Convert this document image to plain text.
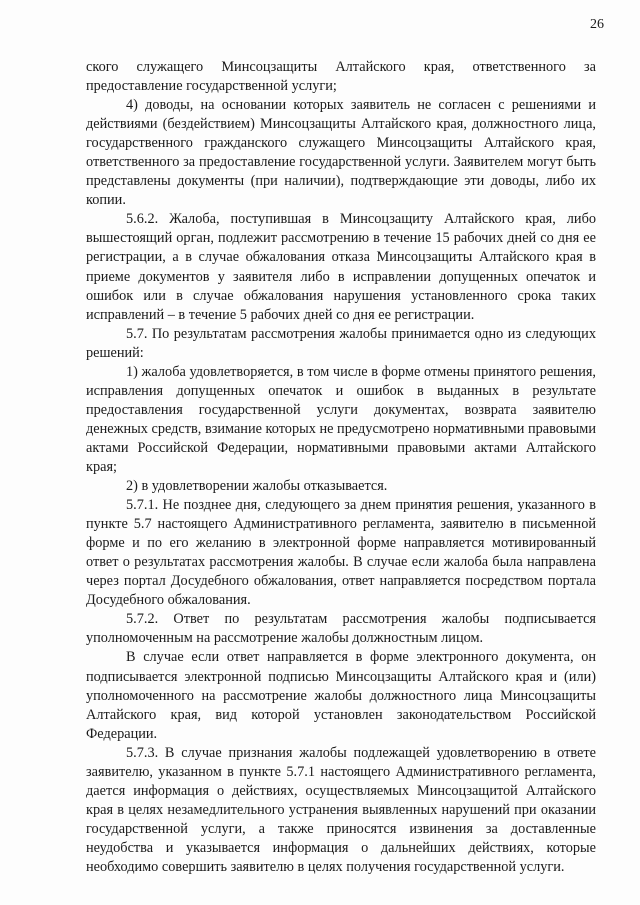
26

ского служащего Минсоцзащиты Алтайского края, ответственного за предоставление государственной услуги;

4) доводы, на основании которых заявитель не согласен с решениями и действиями (бездействием) Минсоцзащиты Алтайского края, должностного лица, государственного гражданского служащего Минсоцзащиты Алтайского края, ответственного за предоставление государственной услуги. Заявителем могут быть представлены документы (при наличии), подтверждающие эти доводы, либо их копии.

5.6.2. Жалоба, поступившая в Минсоцзащиту Алтайского края, либо вышестоящий орган, подлежит рассмотрению в течение 15 рабочих дней со дня ее регистрации, а в случае обжалования отказа Минсоцзащиты Алтайского края в приеме документов у заявителя либо в исправлении допущенных опечаток и ошибок или в случае обжалования нарушения установленного срока таких исправлений – в течение 5 рабочих дней со дня ее регистрации.

5.7. По результатам рассмотрения жалобы принимается одно из следующих решений:

1) жалоба удовлетворяется, в том числе в форме отмены принятого решения, исправления допущенных опечаток и ошибок в выданных в результате предоставления государственной услуги документах, возврата заявителю денежных средств, взимание которых не предусмотрено нормативными правовыми актами Российской Федерации, нормативными правовыми актами Алтайского края;

2) в удовлетворении жалобы отказывается.

5.7.1. Не позднее дня, следующего за днем принятия решения, указанного в пункте 5.7 настоящего Административного регламента, заявителю в письменной форме и по его желанию в электронной форме направляется мотивированный ответ о результатах рассмотрения жалобы. В случае если жалоба была направлена через портал Досудебного обжалования, ответ направляется посредством портала Досудебного обжалования.

5.7.2. Ответ по результатам рассмотрения жалобы подписывается уполномоченным на рассмотрение жалобы должностным лицом.

В случае если ответ направляется в форме электронного документа, он подписывается электронной подписью Минсоцзащиты Алтайского края и (или) уполномоченного на рассмотрение жалобы должностного лица Минсоцзащиты Алтайского края, вид которой установлен законодательством Российской Федерации.

5.7.3. В случае признания жалобы подлежащей удовлетворению в ответе заявителю, указанном в пункте 5.7.1 настоящего Административного регламента, дается информация о действиях, осуществляемых Минсоцзащитой Алтайского края в целях незамедлительного устранения выявленных нарушений при оказании государственной услуги, а также приносятся извинения за доставленные неудобства и указывается информация о дальнейших действиях, которые необходимо совершить заявителю в целях получения государственной услуги.
